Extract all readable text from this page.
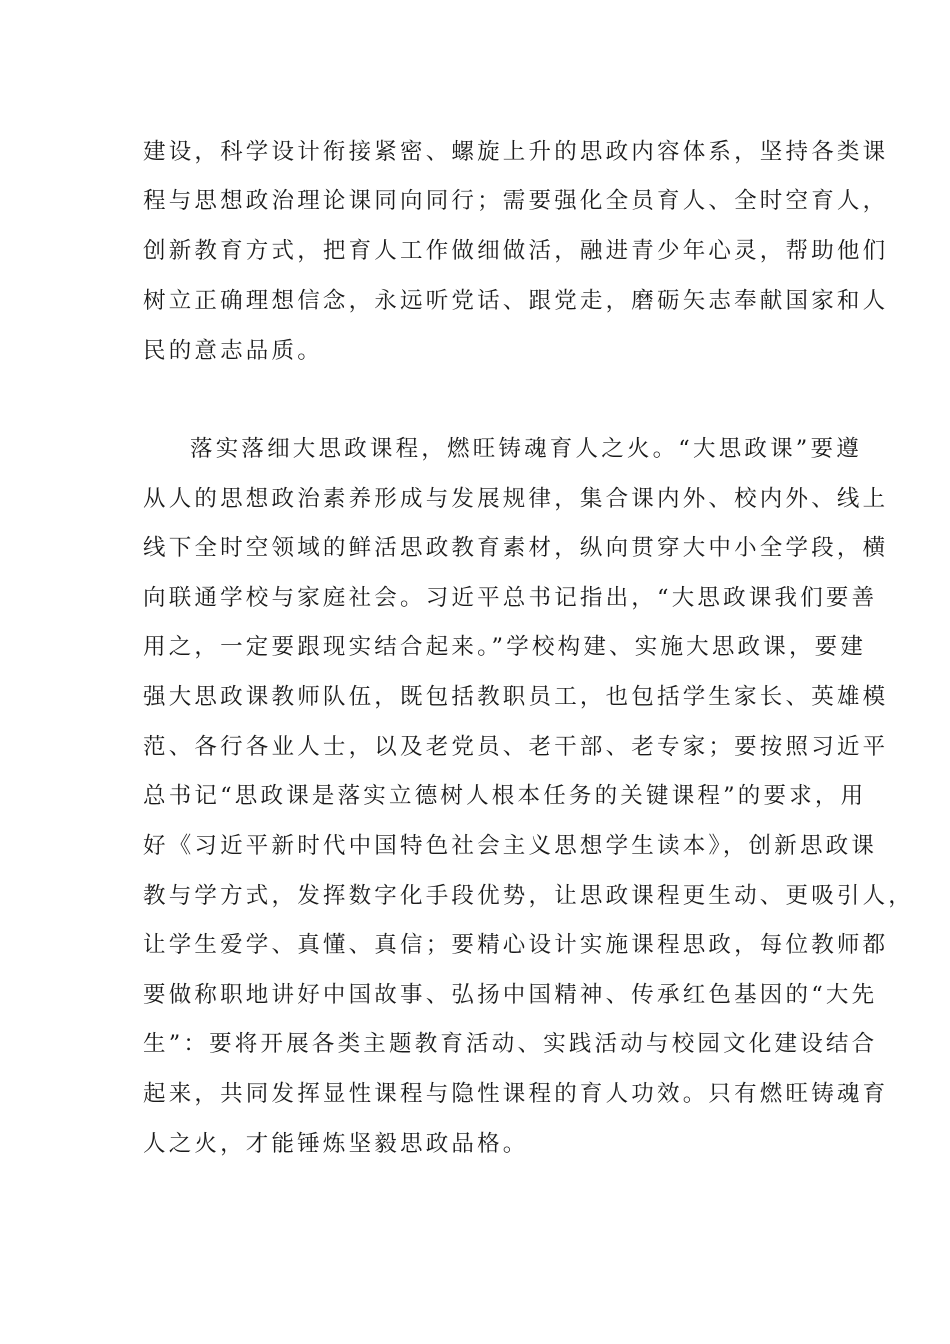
建设，科学设计衔接紧密、螺旋上升的思政内容体系，坚持各类课
程与思想政治理论课同向同行；需要强化全员育人、全时空育人，
创新教育方式，把育人工作做细做活，融进青少年心灵，帮助他们
树立正确理想信念，永远听党话、跟党走，磨砺矢志奉献国家和人
民的意志品质。
落实落细大思政课程，燃旺铸魂育人之火。“大思政课”要遵
从人的思想政治素养形成与发展规律，集合课内外、校内外、线上
线下全时空领域的鲜活思政教育素材，纵向贯穿大中小全学段，横
向联通学校与家庭社会。习近平总书记指出，“大思政课我们要善
用之，一定要跟现实结合起来。”学校构建、实施大思政课，要建
强大思政课教师队伍，既包括教职员工，也包括学生家长、英雄模
范、各行各业人士，以及老党员、老干部、老专家；要按照习近平
总书记“思政课是落实立德树人根本任务的关键课程”的要求，用
好《习近平新时代中国特色社会主义思想学生读本》，创新思政课
教与学方式，发挥数字化手段优势，让思政课程更生动、更吸引人，
让学生爱学、真懂、真信；要精心设计实施课程思政，每位教师都
要做称职地讲好中国故事、弘扬中国精神、传承红色基因的“大先
生”：要将开展各类主题教育活动、实践活动与校园文化建设结合
起来，共同发挥显性课程与隐性课程的育人功效。只有燃旺铸魂育
人之火，才能锤炼坚毅思政品格。
